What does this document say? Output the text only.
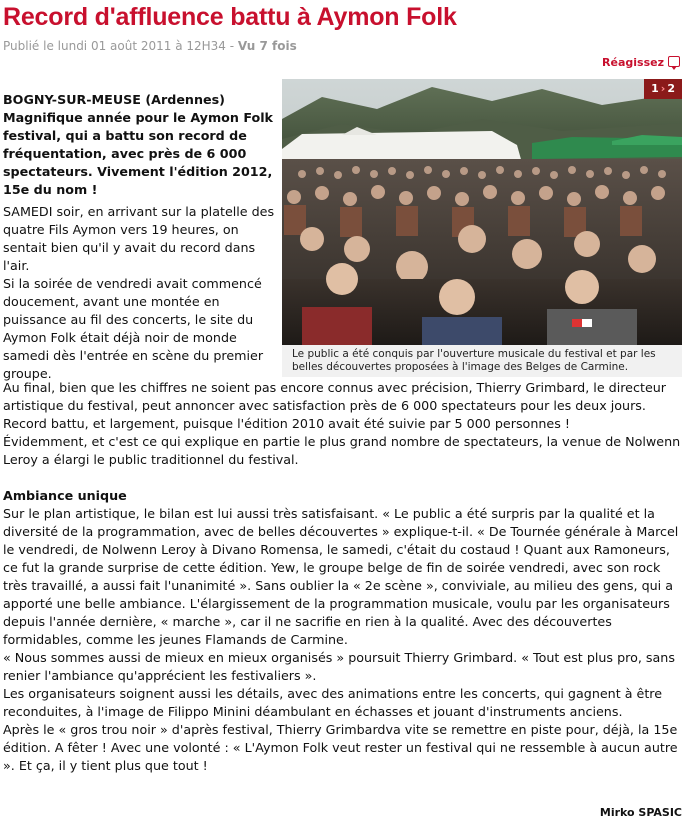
Record d'affluence battu à Aymon Folk
Publié le lundi 01 août 2011 à 12H34 - Vu 7 fois
Réagissez
1 › 2
Le public a été conquis par l'ouverture musicale du festival et par les belles découvertes proposées à l'image des Belges de Carmine.

BOGNY-SUR-MEUSE (Ardennes)

Magnifique année pour le Aymon Folk festival, qui a battu son record de fréquentation, avec près de 6 000 spectateurs. Vivement l'édition 2012, 15e du nom !

SAMEDI soir, en arrivant sur la platelle des quatre Fils Aymon vers 19 heures, on sentait bien qu'il y avait du record dans l'air.

Si la soirée de vendredi avait commencé doucement, avant une montée en puissance au fil des concerts, le site du Aymon Folk était déjà noir de monde samedi dès l'entrée en scène du premier groupe.

Au final, bien que les chiffres ne soient pas encore connus avec précision, Thierry Grimbard, le directeur artistique du festival, peut annoncer avec satisfaction près de 6 000 spectateurs pour les deux jours. Record battu, et largement, puisque l'édition 2010 avait été suivie par 5 000 personnes !

Évidemment, et c'est ce qui explique en partie le plus grand nombre de spectateurs, la venue de Nolwenn Leroy a élargi le public traditionnel du festival.

Ambiance unique

Sur le plan artistique, le bilan est lui aussi très satisfaisant. « Le public a été surpris par la qualité et la diversité de la programmation, avec de belles découvertes » explique-t-il. « De Tournée générale à Marcel le vendredi, de Nolwenn Leroy à Divano Romensa, le samedi, c'était du costaud ! Quant aux Ramoneurs, ce fut la grande surprise de cette édition. Yew, le groupe belge de fin de soirée vendredi, avec son rock très travaillé, a aussi fait l'unanimité ». Sans oublier la « 2e scène », conviviale, au milieu des gens, qui a apporté une belle ambiance. L'élargissement de la programmation musicale, voulu par les organisateurs depuis l'année dernière, « marche », car il ne sacrifie en rien à la qualité. Avec des découvertes formidables, comme les jeunes Flamands de Carmine.

« Nous sommes aussi de mieux en mieux organisés » poursuit Thierry Grimbard. « Tout est plus pro, sans renier l'ambiance qu'apprécient les festivaliers ».

Les organisateurs soignent aussi les détails, avec des animations entre les concerts, qui gagnent à être reconduites, à l'image de Filippo Minini déambulant en échasses et jouant d'instruments anciens.

Après le « gros trou noir » d'après festival, Thierry Grimbardva vite se remettre en piste pour, déjà, la 15e édition. A fêter ! Avec une volonté : « L'Aymon Folk veut rester un festival qui ne ressemble à aucun autre ». Et ça, il y tient plus que tout !

Mirko SPASIC
